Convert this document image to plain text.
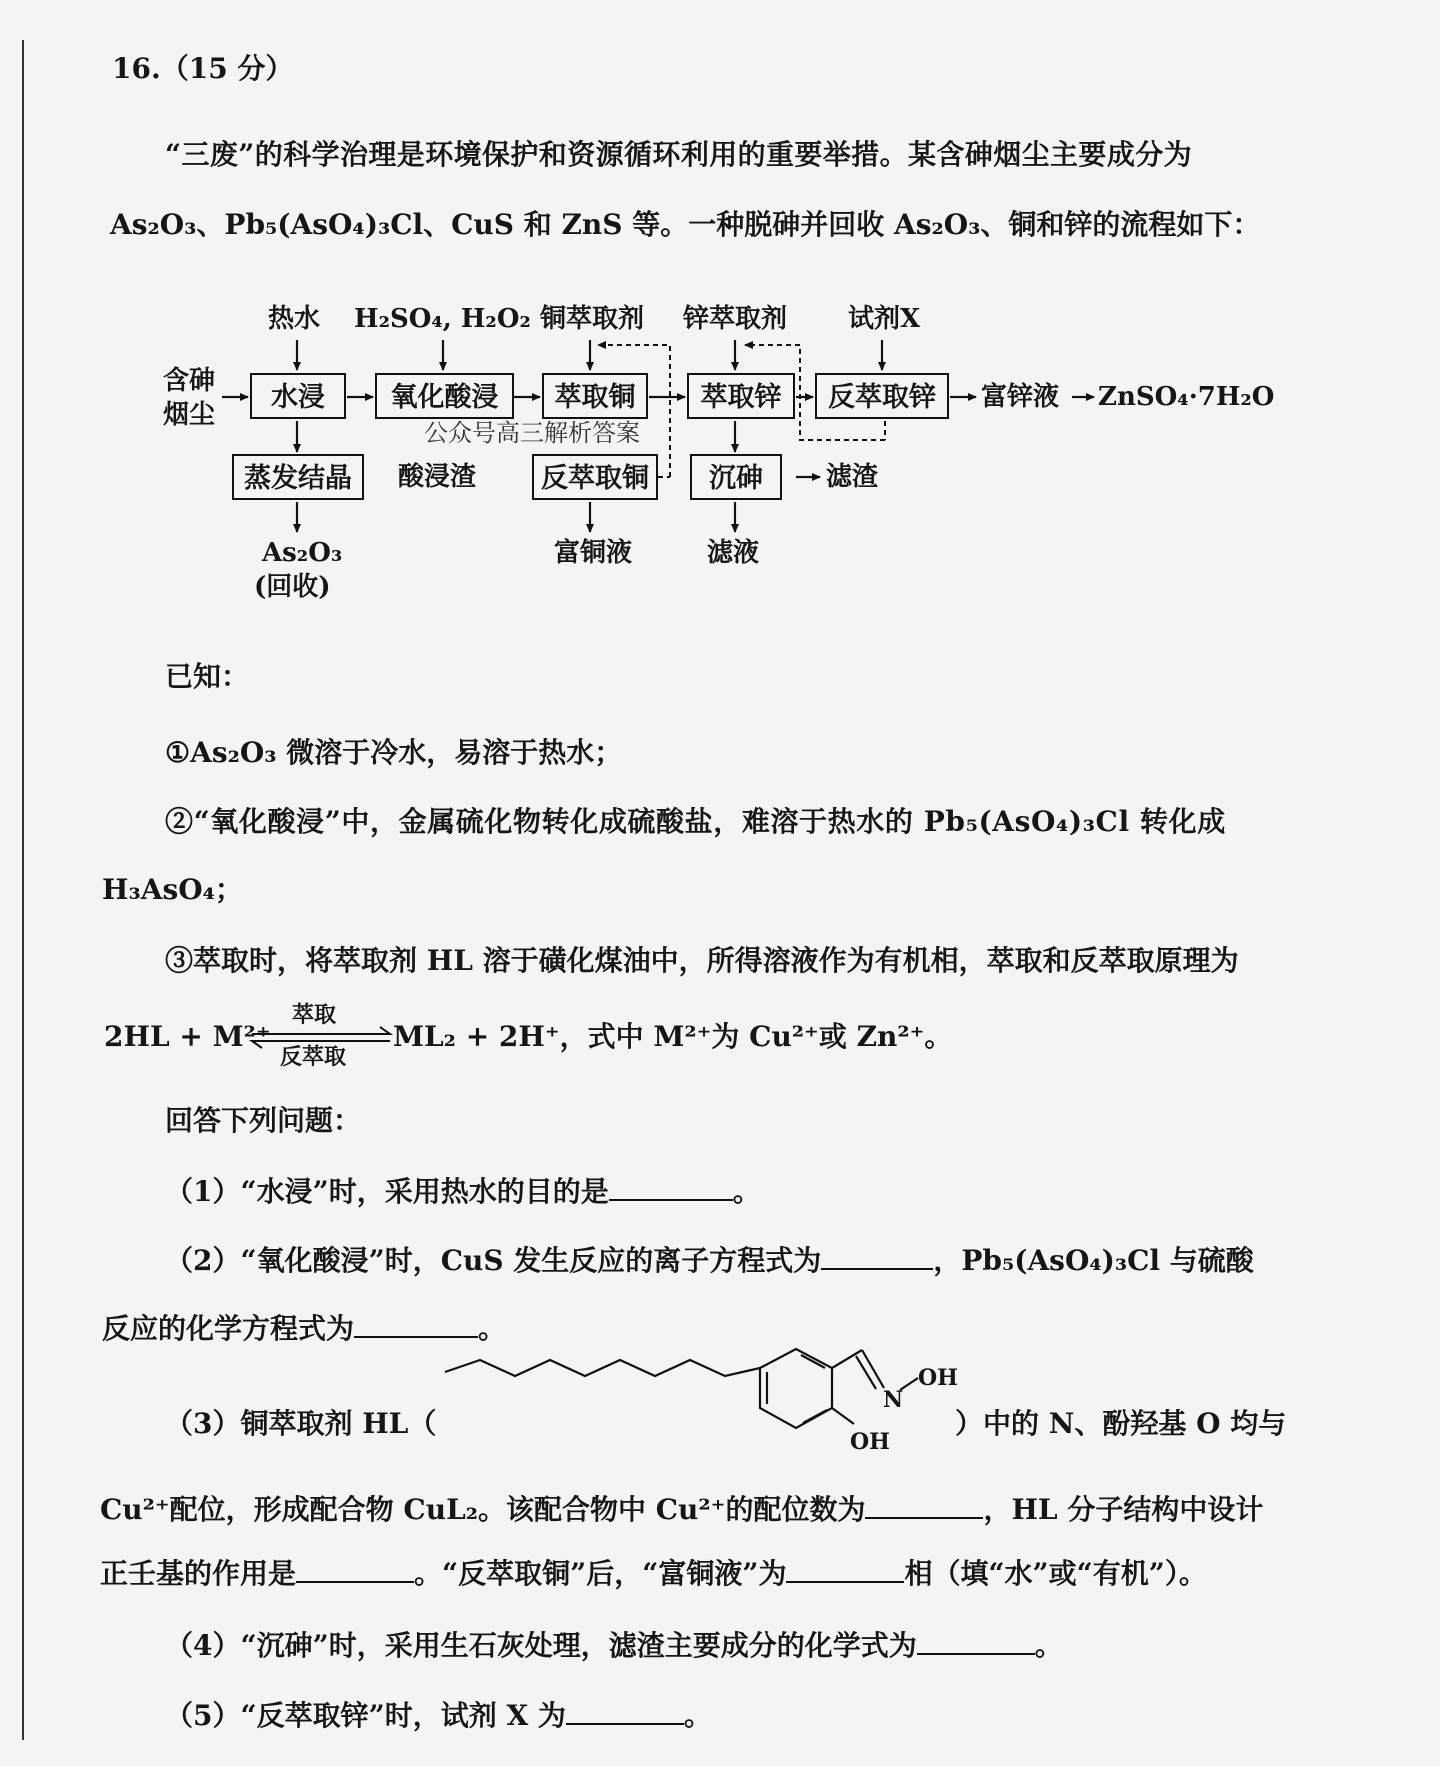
16.（15 分）
“三废”的科学治理是环境保护和资源循环利用的重要举措。某含砷烟尘主要成分为
As₂O₃、Pb₅(AsO₄)₃Cl、CuS 和 ZnS 等。一种脱砷并回收 As₂O₃、铜和锌的流程如下：
热水 H₂SO₄, H₂O₂ 铜萃取剂 锌萃取剂 试剂X
含砷
烟尘
水浸	氧化酸浸	萃取铜	萃取锌	反萃取锌
蒸发结晶	反萃取铜	沉砷
富锌液 ZnSO₄·7H₂O
酸浸渣	滤渣
As₂O₃
(回收)
富铜液	滤液
公众号高三解析答案
已知：
①As₂O₃ 微溶于冷水，易溶于热水；
②“氧化酸浸”中，金属硫化物转化成硫酸盐，难溶于热水的 Pb₅(AsO₄)₃Cl 转化成
H₃AsO₄；
③萃取时，将萃取剂 HL 溶于磺化煤油中，所得溶液作为有机相，萃取和反萃取原理为
2HL + M²⁺
萃取
反萃取
ML₂ + 2H⁺，式中 M²⁺为 Cu²⁺或 Zn²⁺。
回答下列问题：
（1）“水浸”时，采用热水的目的是	。
（2）“氧化酸浸”时，CuS 发生反应的离子方程式为	，Pb₅(AsO₄)₃Cl 与硫酸
反应的化学方程式为	。
（3）铜萃取剂 HL（
N
OH
OH
）中的 N、酚羟基 O 均与
Cu²⁺配位，形成配合物 CuL₂。该配合物中 Cu²⁺的配位数为	，HL 分子结构中设计
正壬基的作用是	。“反萃取铜”后，“富铜液”为	相（填“水”或“有机”）。
（4）“沉砷”时，采用生石灰处理，滤渣主要成分的化学式为	。
（5）“反萃取锌”时，试剂 X 为	。
